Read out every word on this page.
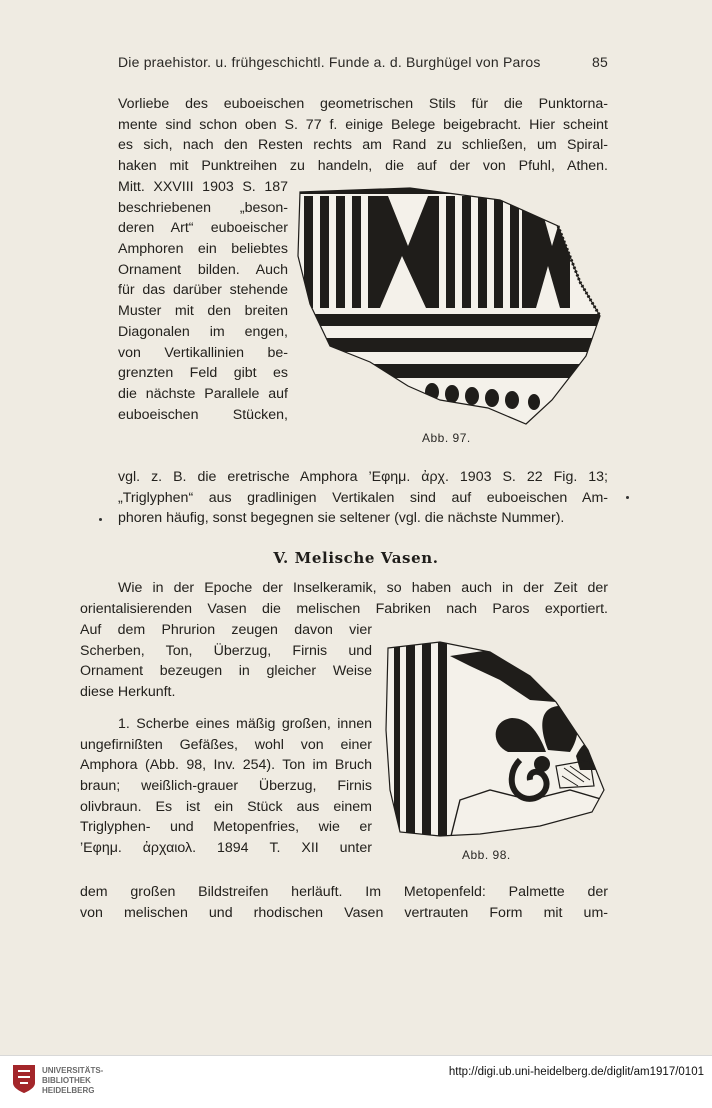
Die praehistor. u. frühgeschichtl. Funde a. d. Burghügel von Paros	85
Vorliebe des euboeischen geometrischen Stils für die Punktorna-
mente sind schon oben S. 77 f. einige Belege beigebracht. Hier scheint
es sich, nach den Resten rechts am Rand zu schließen, um Spiral-
haken mit Punktreihen zu handeln, die auf der von Pfuhl, Athen.
Mitt. XXVIII 1903 S. 187
beschriebenen „beson-
deren Art“ euboeischer
Amphoren ein beliebtes
Ornament bilden. Auch
für das darüber stehende
Muster mit den breiten
Diagonalen im engen,
von Vertikallinien be-
grenzten Feld gibt es
die nächste Parallele auf
euboeischen Stücken,
Abb. 97.
vgl. z. B. die eretrische Amphora ’Εφημ. ἀρχ. 1903 S. 22 Fig. 13;
„Triglyphen“ aus gradlinigen Vertikalen sind auf euboeischen Am-
phoren häufig, sonst begegnen sie seltener (vgl. die nächste Nummer).
V. Melische Vasen.
Wie in der Epoche der Inselkeramik, so haben auch in der Zeit der
orientalisierenden Vasen die melischen Fabriken nach Paros exportiert.
Auf dem Phrurion zeugen davon vier
Scherben, Ton, Überzug, Firnis und
Ornament bezeugen in gleicher Weise
diese Herkunft.
1. Scherbe eines mäßig großen, innen
ungefirnißten Gefäßes, wohl von einer
Amphora (Abb. 98, Inv. 254). Ton im Bruch
braun; weißlich-grauer Überzug, Firnis
olivbraun. Es ist ein Stück aus einem
Triglyphen- und Metopenfries, wie er
’Εφημ. ἀρχαιολ. 1894 T. XII unter	Abb. 98.
dem großen Bildstreifen herläuft. Im Metopenfeld: Palmette der
von melischen und rhodischen Vasen vertrauten Form mit um-
UNIVERSITÄTS-
BIBLIOTHEK
HEIDELBERG
http://digi.ub.uni-heidelberg.de/diglit/am1917/0101
